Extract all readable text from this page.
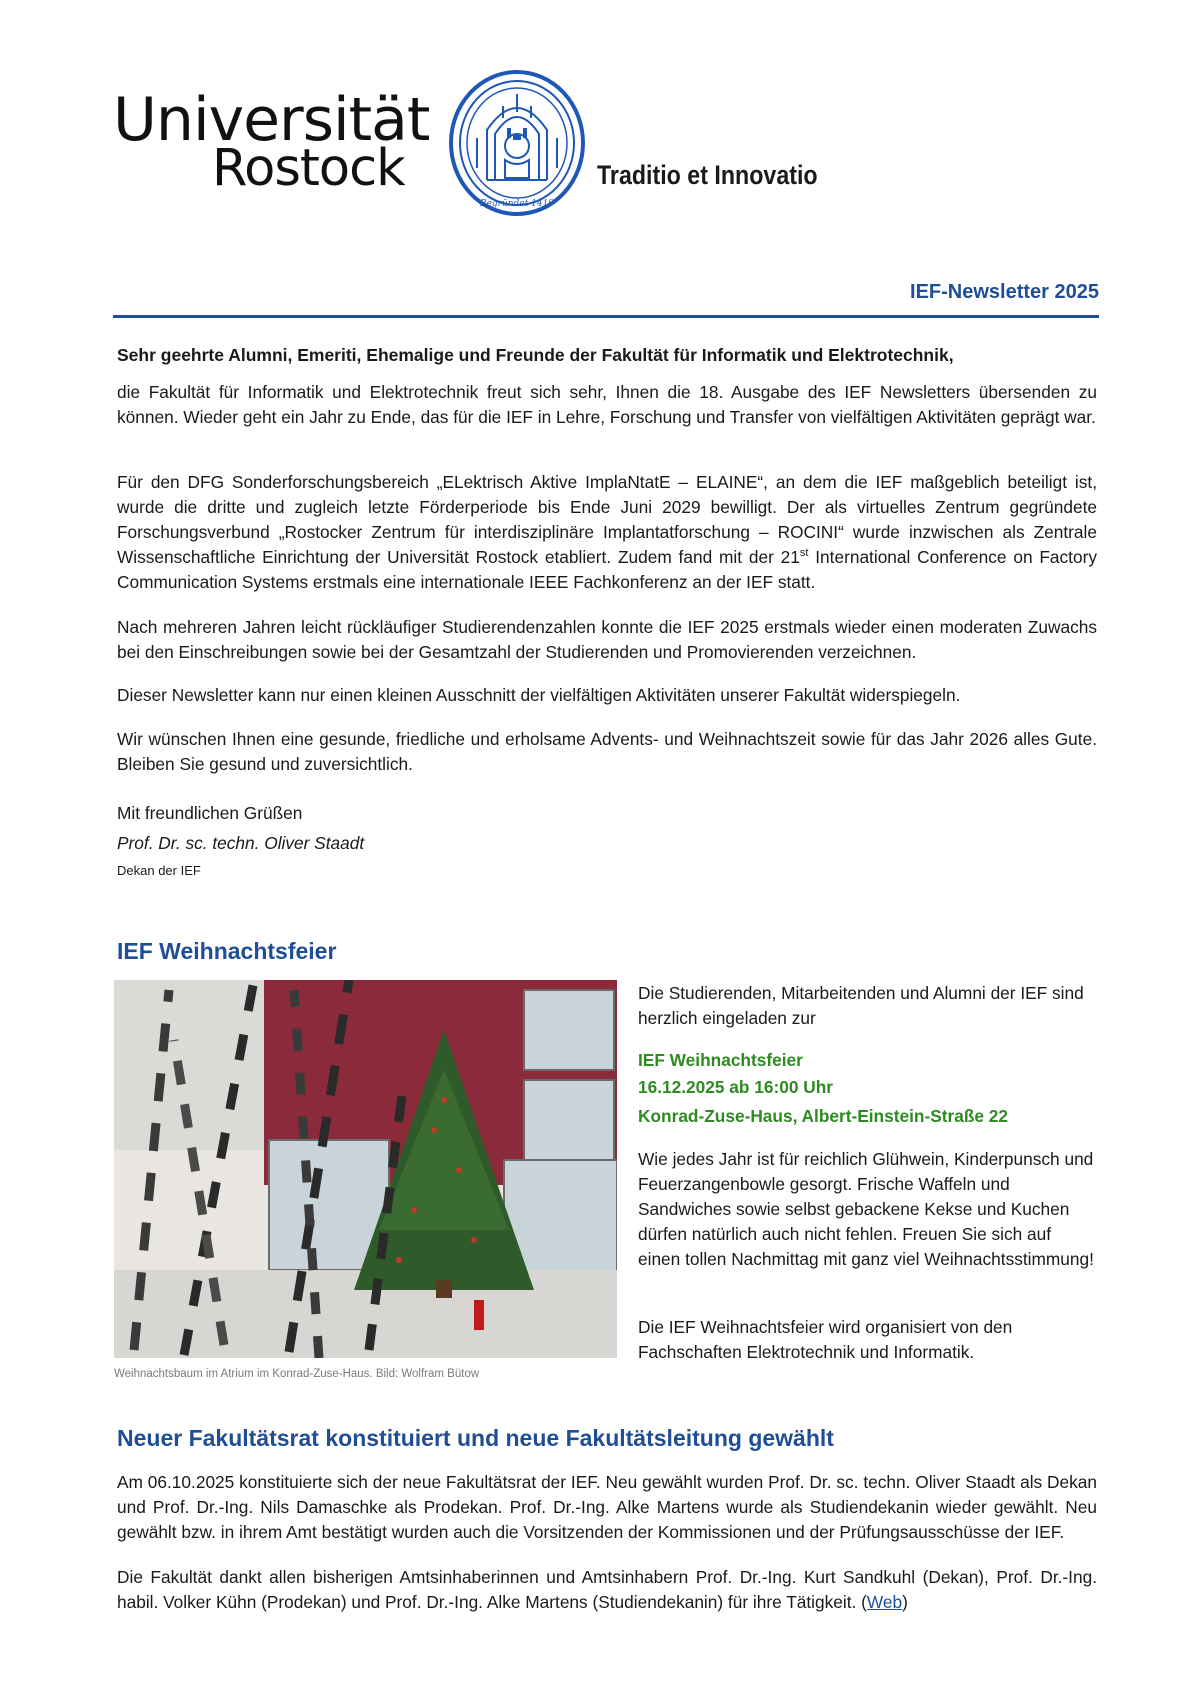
Universität
Rostock
Begründet 1419
Traditio et Innovatio
IEF-Newsletter 2025
Sehr geehrte Alumni, Emeriti, Ehemalige und Freunde der Fakultät für Informatik und Elektrotechnik,
die Fakultät für Informatik und Elektrotechnik freut sich sehr, Ihnen die 18. Ausgabe des IEF Newsletters übersenden zu können. Wieder geht ein Jahr zu Ende, das für die IEF in Lehre, Forschung und Transfer von vielfältigen Aktivitäten geprägt war.
Für den DFG Sonderforschungsbereich „ELektrisch Aktive ImplaNtatE – ELAINE“, an dem die IEF maßgeblich beteiligt ist, wurde die dritte und zugleich letzte Förderperiode bis Ende Juni 2029 bewilligt. Der als virtuelles Zentrum gegründete Forschungsverbund „Rostocker Zentrum für interdisziplinäre Implantatforschung – ROCINI“ wurde inzwischen als Zentrale Wissenschaftliche Einrichtung der Universität Rostock etabliert. Zudem fand mit der 21st International Conference on Factory Communication Systems erstmals eine internationale IEEE Fachkonferenz an der IEF statt.
Nach mehreren Jahren leicht rückläufiger Studierendenzahlen konnte die IEF 2025 erstmals wieder einen moderaten Zuwachs bei den Einschreibungen sowie bei der Gesamtzahl der Studierenden und Promovierenden verzeichnen.
Dieser Newsletter kann nur einen kleinen Ausschnitt der vielfältigen Aktivitäten unserer Fakultät widerspiegeln.
Wir wünschen Ihnen eine gesunde, friedliche und erholsame Advents- und Weihnachtszeit sowie für das Jahr 2026 alles Gute. Bleiben Sie gesund und zuversichtlich.
Mit freundlichen Grüßen
Prof. Dr. sc. techn. Oliver Staadt
Dekan der IEF
IEF Weihnachtsfeier
Weihnachtsbaum im Atrium im Konrad-Zuse-Haus. Bild: Wolfram Bütow
Die Studierenden, Mitarbeitenden und Alumni der IEF sind herzlich eingeladen zur
IEF Weihnachtsfeier
16.12.2025 ab 16:00 Uhr
Konrad-Zuse-Haus, Albert-Einstein-Straße 22
Wie jedes Jahr ist für reichlich Glühwein, Kinderpunsch und Feuerzangenbowle gesorgt. Frische Waffeln und Sandwiches sowie selbst gebackene Kekse und Kuchen dürfen natürlich auch nicht fehlen. Freuen Sie sich auf einen tollen Nachmittag mit ganz viel Weihnachtsstimmung!
Die IEF Weihnachtsfeier wird organisiert von den Fachschaften Elektrotechnik und Informatik.
Neuer Fakultätsrat konstituiert und neue Fakultätsleitung gewählt
Am 06.10.2025 konstituierte sich der neue Fakultätsrat der IEF. Neu gewählt wurden Prof. Dr. sc. techn. Oliver Staadt als Dekan und Prof. Dr.-Ing. Nils Damaschke als Prodekan. Prof. Dr.-Ing. Alke Martens wurde als Studiendekanin wieder gewählt. Neu gewählt bzw. in ihrem Amt bestätigt wurden auch die Vorsitzenden der Kommissionen und der Prüfungsausschüsse der IEF.
Die Fakultät dankt allen bisherigen Amtsinhaberinnen und Amtsinhabern Prof. Dr.-Ing. Kurt Sandkuhl (Dekan), Prof. Dr.-Ing. habil. Volker Kühn (Prodekan) und Prof. Dr.-Ing. Alke Martens (Studiendekanin) für ihre Tätigkeit. (Web)
